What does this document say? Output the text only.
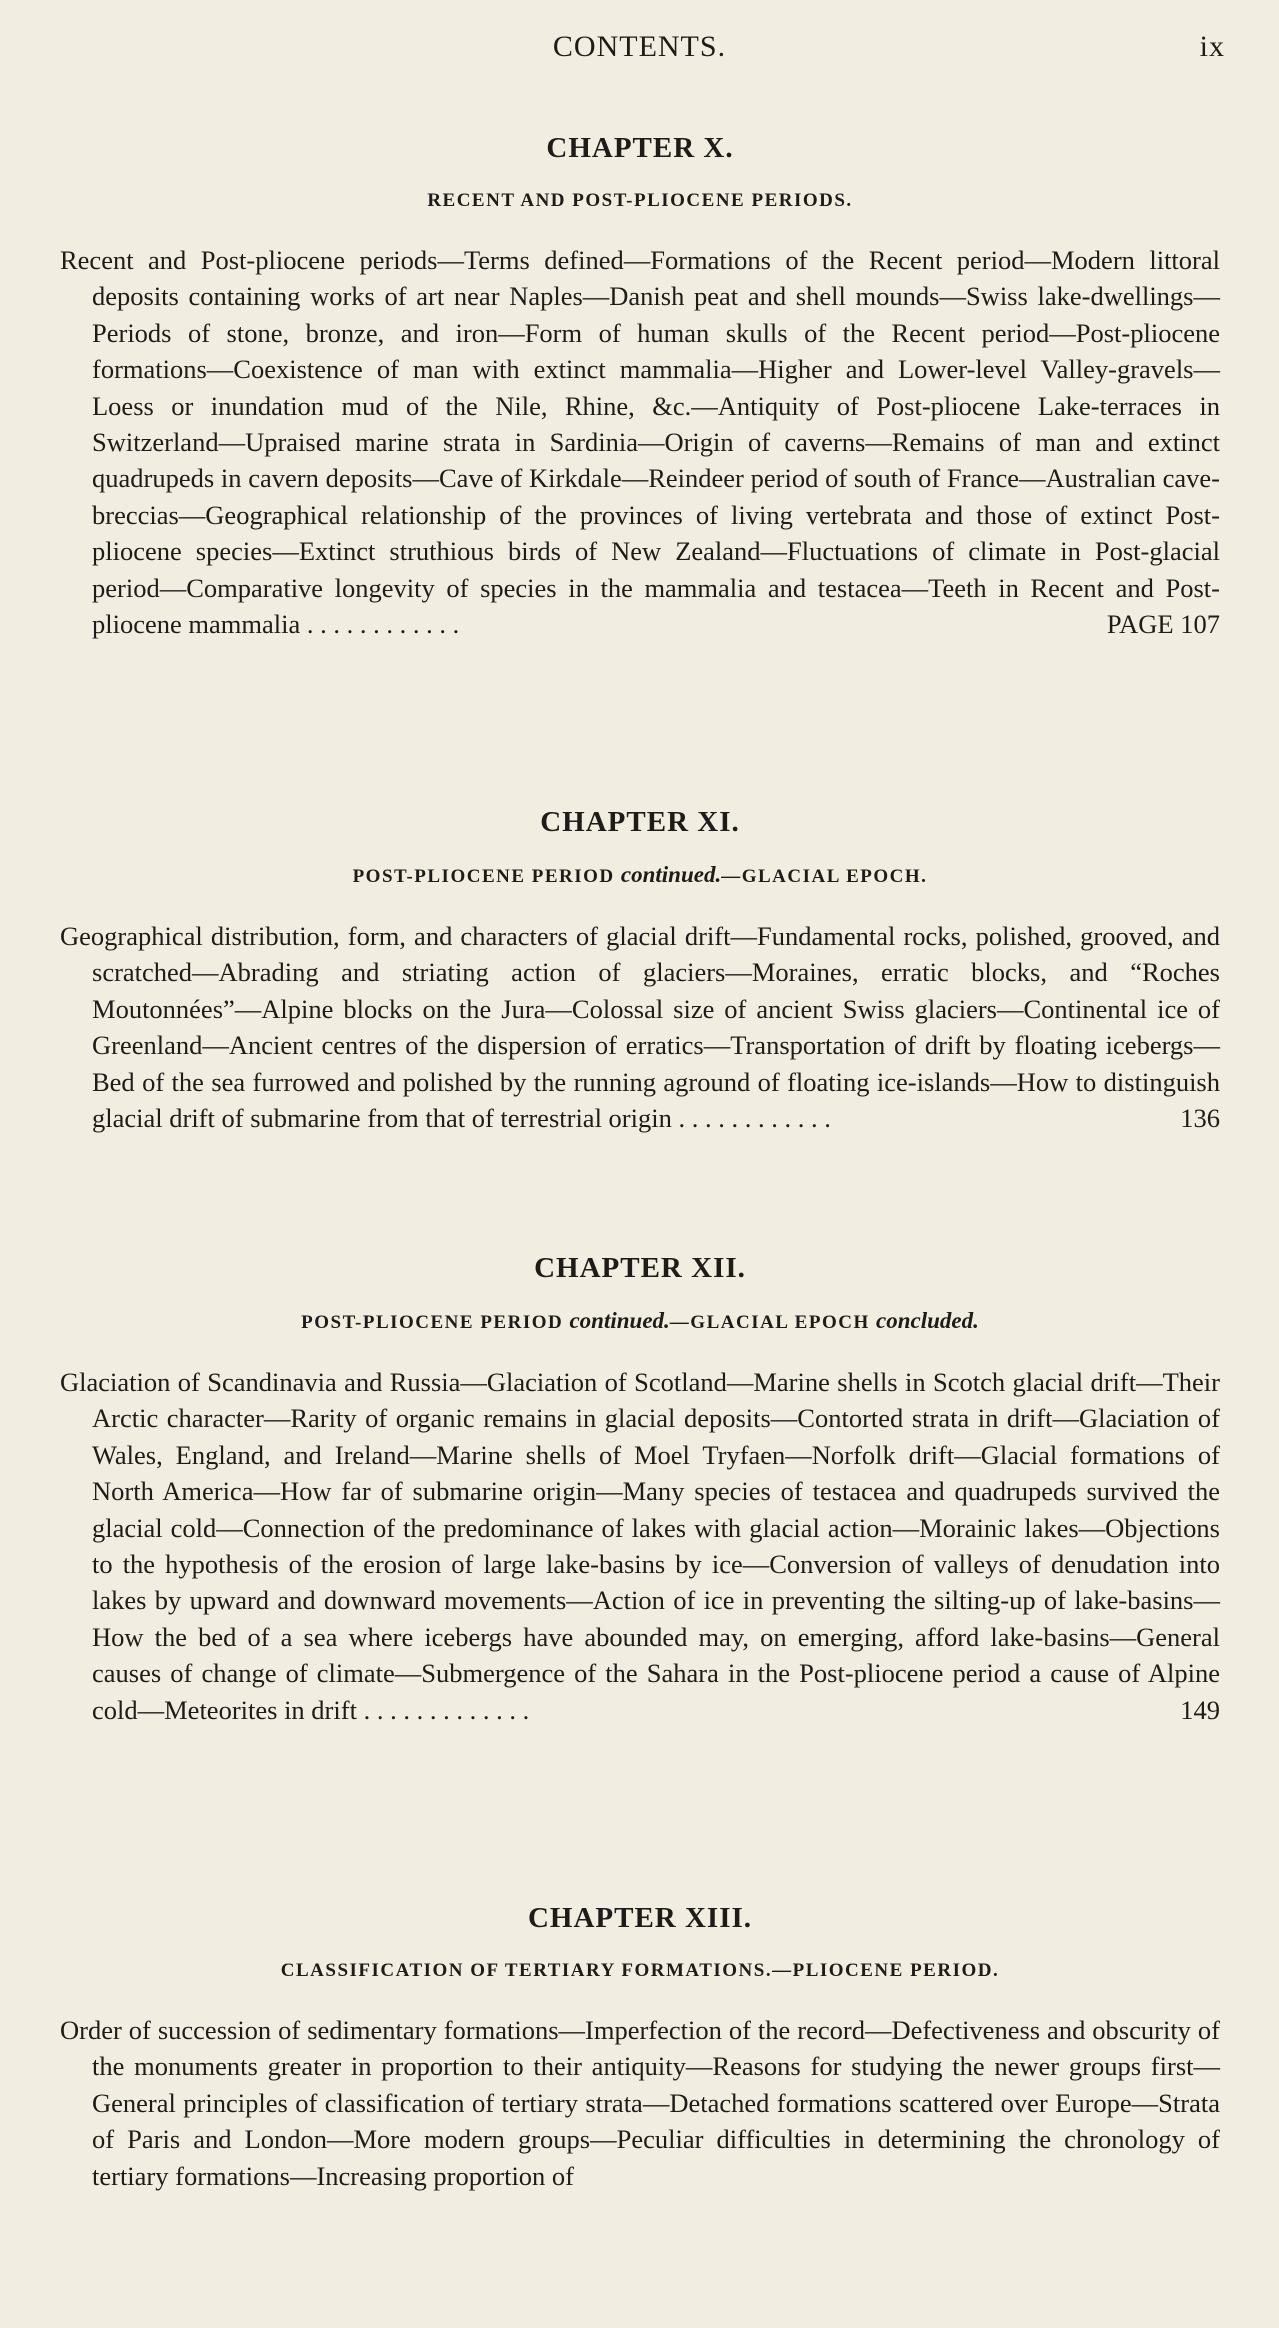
CONTENTS.	ix
CHAPTER X.
RECENT AND POST-PLIOCENE PERIODS.

Recent and Post-pliocene periods—Terms defined—Formations of the Recent period—Modern littoral deposits containing works of art near Naples—Danish peat and shell mounds—Swiss lake-dwellings—Periods of stone, bronze, and iron—Form of human skulls of the Recent period—Post-pliocene formations—Coexistence of man with extinct mammalia—Higher and Lower-level Valley-gravels—Loess or inundation mud of the Nile, Rhine, &c.—Antiquity of Post-pliocene Lake-terraces in Switzerland—Upraised marine strata in Sardinia—Origin of caverns—Remains of man and extinct quadrupeds in cavern deposits—Cave of Kirkdale—Reindeer period of south of France—Australian cave-breccias—Geographical relationship of the provinces of living vertebrata and those of extinct Post-pliocene species—Extinct struthious birds of New Zealand—Fluctuations of climate in Post-glacial period—Comparative longevity of species in the mammalia and testacea—Teeth in Recent and Post-pliocene mammalia . . . . . . . . . . . .	PAGE 107

CHAPTER XI.
POST-PLIOCENE PERIOD continued.—GLACIAL EPOCH.

Geographical distribution, form, and characters of glacial drift—Fundamental rocks, polished, grooved, and scratched—Abrading and striating action of glaciers—Moraines, erratic blocks, and “Roches Moutonnées”—Alpine blocks on the Jura—Colossal size of ancient Swiss glaciers—Continental ice of Greenland—Ancient centres of the dispersion of erratics—Transportation of drift by floating icebergs—Bed of the sea furrowed and polished by the running aground of floating ice-islands—How to distinguish glacial drift of submarine from that of terrestrial origin . . . . . . . . . . . .	136

CHAPTER XII.
POST-PLIOCENE PERIOD continued.—GLACIAL EPOCH concluded.

Glaciation of Scandinavia and Russia—Glaciation of Scotland—Marine shells in Scotch glacial drift—Their Arctic character—Rarity of organic remains in glacial deposits—Contorted strata in drift—Glaciation of Wales, England, and Ireland—Marine shells of Moel Tryfaen—Norfolk drift—Glacial formations of North America—How far of submarine origin—Many species of testacea and quadrupeds survived the glacial cold—Connection of the predominance of lakes with glacial action—Morainic lakes—Objections to the hypothesis of the erosion of large lake-basins by ice—Conversion of valleys of denudation into lakes by upward and downward movements—Action of ice in preventing the silting-up of lake-basins—How the bed of a sea where icebergs have abounded may, on emerging, afford lake-basins—General causes of change of climate—Submergence of the Sahara in the Post-pliocene period a cause of Alpine cold—Meteorites in drift . . . . . . . . . . . . .	149

CHAPTER XIII.
CLASSIFICATION OF TERTIARY FORMATIONS.—PLIOCENE PERIOD.

Order of succession of sedimentary formations—Imperfection of the record—Defectiveness and obscurity of the monuments greater in proportion to their antiquity—Reasons for studying the newer groups first—General principles of classification of tertiary strata—Detached formations scattered over Europe—Strata of Paris and London—More modern groups—Peculiar difficulties in determining the chronology of tertiary formations—Increasing proportion of
